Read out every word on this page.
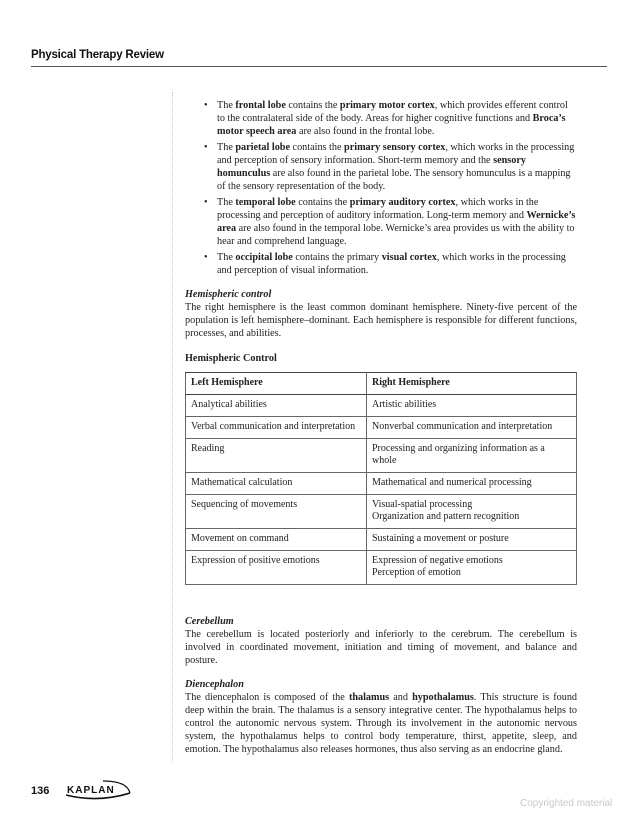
Physical Therapy Review
• The frontal lobe contains the primary motor cortex, which provides efferent control to the contralateral side of the body. Areas for higher cognitive functions and Broca’s motor speech area are also found in the frontal lobe.
• The parietal lobe contains the primary sensory cortex, which works in the processing and perception of sensory information. Short-term memory and the sensory homunculus are also found in the parietal lobe. The sensory homunculus is a mapping of the sensory representation of the body.
• The temporal lobe contains the primary auditory cortex, which works in the processing and perception of auditory information. Long-term memory and Wernicke’s area are also found in the temporal lobe. Wernicke’s area provides us with the ability to hear and comprehend language.
• The occipital lobe contains the primary visual cortex, which works in the processing and perception of visual information.
Hemispheric control

The right hemisphere is the least common dominant hemisphere. Ninety-five percent of the population is left hemisphere–dominant. Each hemisphere is responsible for different functions, processes, and abilities.

Hemispheric Control
Left Hemisphere	Right Hemisphere
Analytical abilities	Artistic abilities
Verbal communication and interpretation	Nonverbal communication and interpretation
Reading	Processing and organizing information as a whole
Mathematical calculation	Mathematical and numerical processing
Sequencing of movements	Visual-spatial processing
Organization and pattern recognition
Movement on command	Sustaining a movement or posture
Expression of positive emotions	Expression of negative emotions
Perception of emotion
Cerebellum

The cerebellum is located posteriorly and inferiorly to the cerebrum. The cerebellum is involved in coordinated movement, initiation and timing of movement, and balance and posture.

Diencephalon

The diencephalon is composed of the thalamus and hypothalamus. This structure is found deep within the brain. The thalamus is a sensory integrative center. The hypothalamus helps to control the autonomic nervous system. Through its involvement in the autonomic nervous system, the hypothalamus helps to control body temperature, thirst, appetite, sleep, and emotion. The hypothalamus also releases hormones, thus also serving as an endocrine gland.

136 KAPLAN
Copyrighted material
